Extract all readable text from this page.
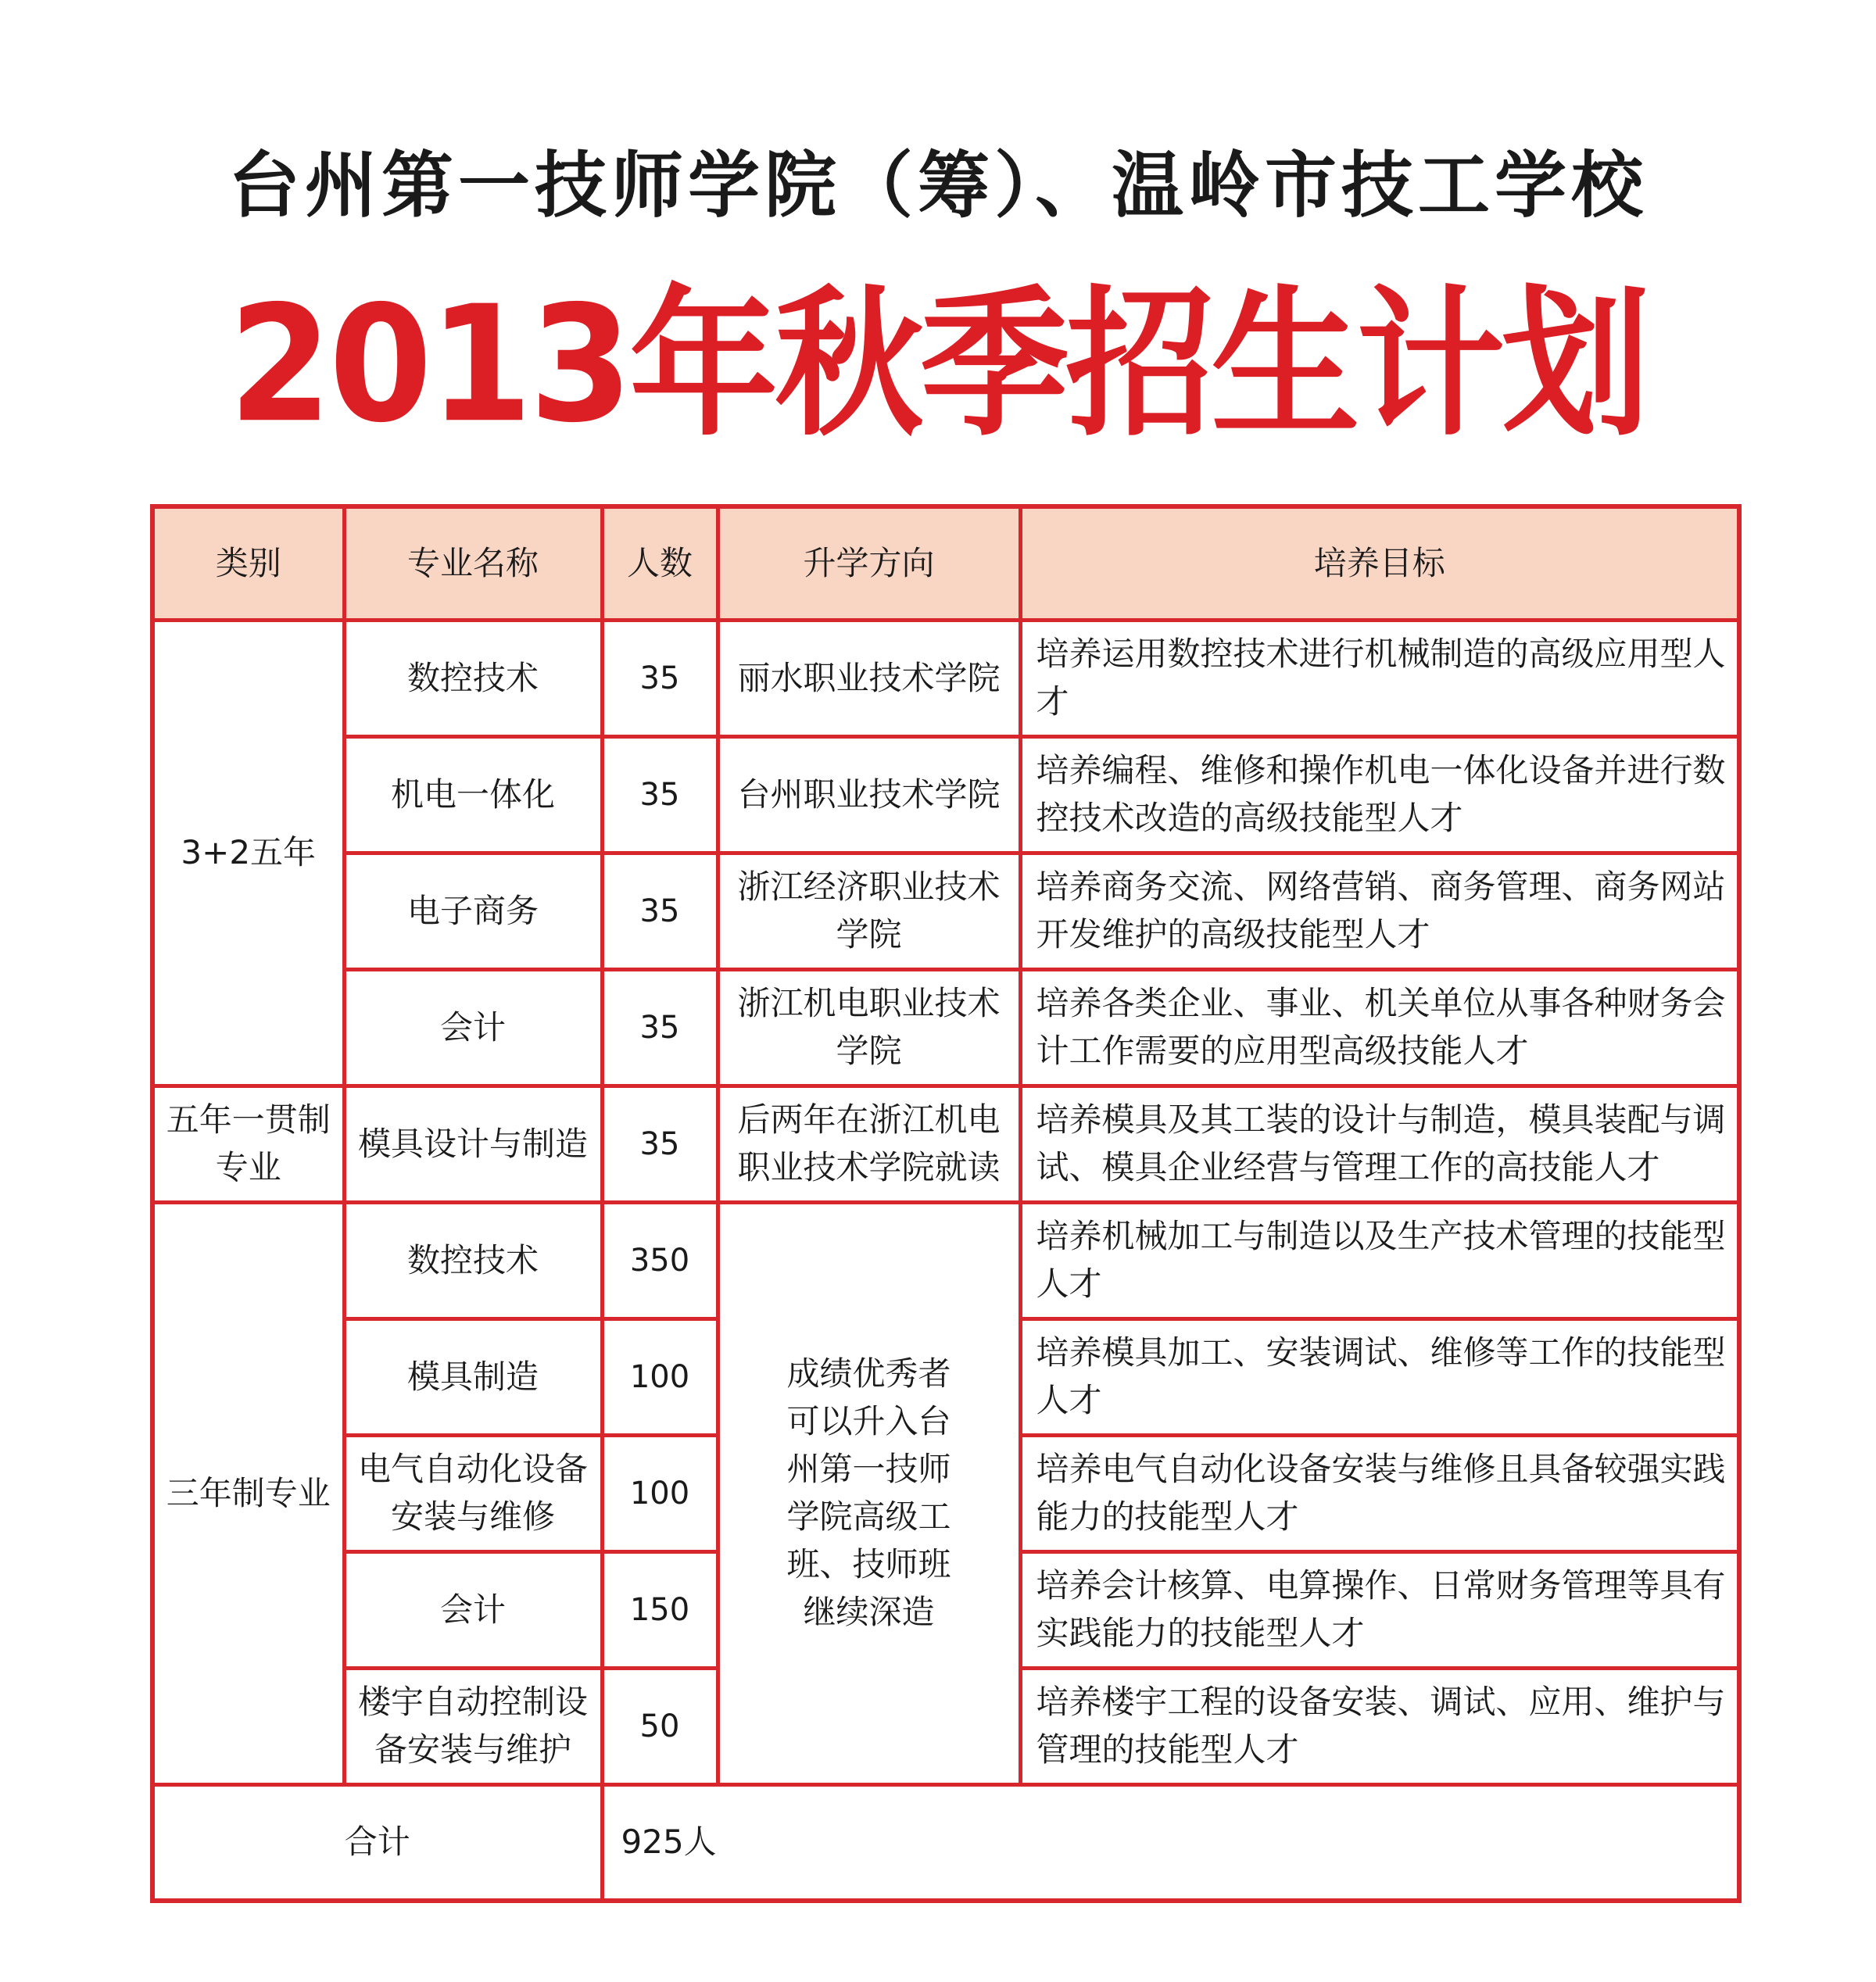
台州第一技师学院（筹）、温岭市技工学校
2013年秋季招生计划
类别	专业名称	人数	升学方向	培养目标
3+2五年	数控技术	35	丽水职业技术学院	培养运用数控技术进行机械制造的高级应用型人才
	机电一体化	35	台州职业技术学院	培养编程、维修和操作机电一体化设备并进行数控技术改造的高级技能型人才
	电子商务	35	浙江经济职业技术学院	培养商务交流、网络营销、商务管理、商务网站开发维护的高级技能型人才
	会计	35	浙江机电职业技术学院	培养各类企业、事业、机关单位从事各种财务会计工作需要的应用型高级技能人才
五年一贯制专业	模具设计与制造	35	后两年在浙江机电职业技术学院就读	培养模具及其工装的设计与制造，模具装配与调试、模具企业经营与管理工作的高技能人才
三年制专业	数控技术	350	成绩优秀者可以升入台州第一技师学院高级工班、技师班继续深造	培养机械加工与制造以及生产技术管理的技能型人才
	模具制造	100		培养模具加工、安装调试、维修等工作的技能型人才
	电气自动化设备安装与维修	100		培养电气自动化设备安装与维修且具备较强实践能力的技能型人才
	会计	150		培养会计核算、电算操作、日常财务管理等具有实践能力的技能型人才
	楼宇自动控制设备安装与维护	50		培养楼宇工程的设备安装、调试、应用、维护与管理的技能型人才
合计		925人		
